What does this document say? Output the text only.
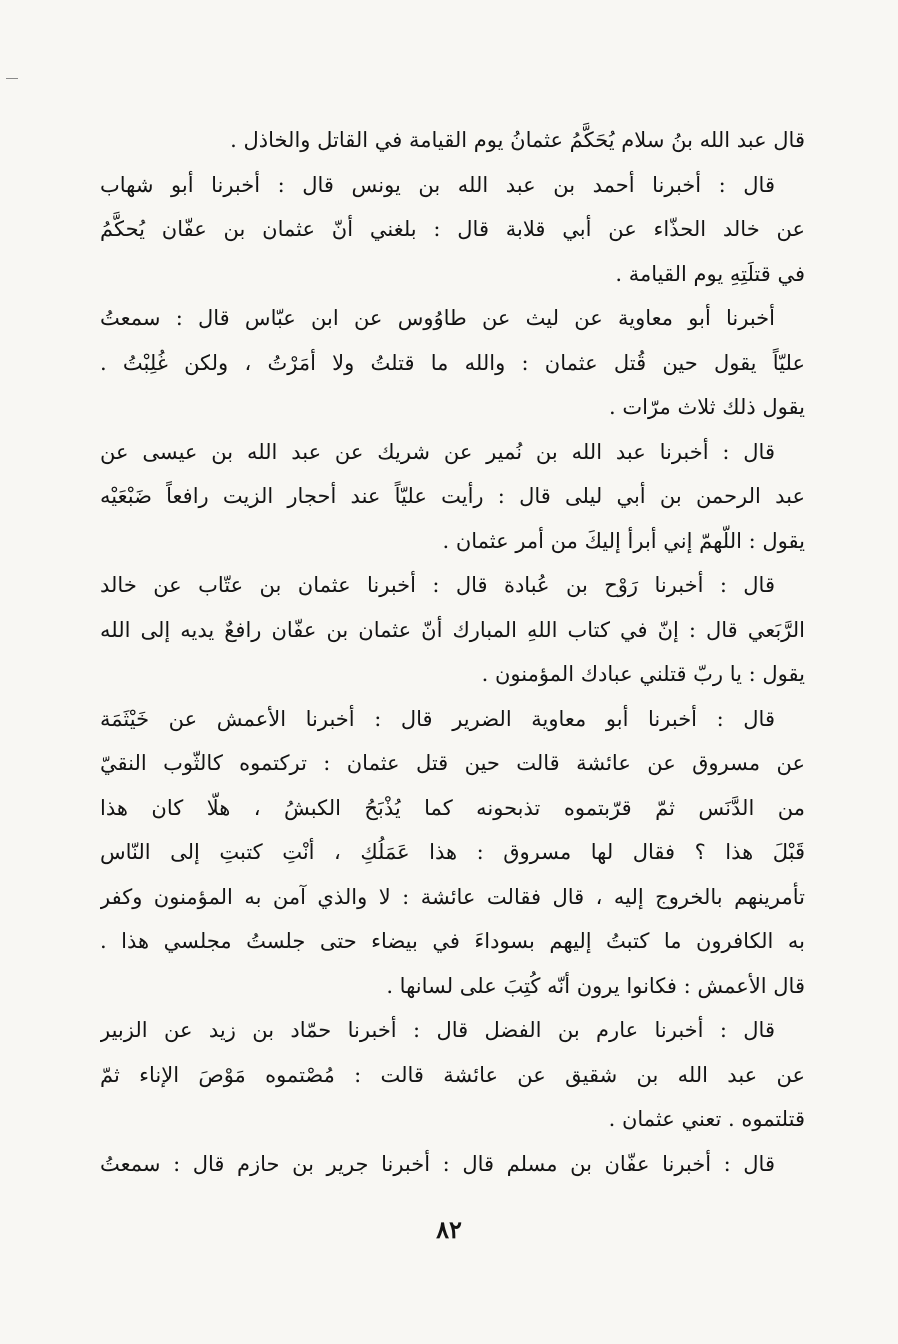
قال عبد الله بنُ سلام يُحَكَّمُ عثمانُ يوم القيامة في القاتل والخاذل .
قال : أخبرنا أحمد بن عبد الله بن يونس قال : أخبرنا أبو شهاب
عن خالد الحذّاء عن أبي قلابة قال : بلغني أنّ عثمان بن عفّان يُحكَّمُ
في قتلَتِهِ يوم القيامة .
أخبرنا أبو معاوية عن ليث عن طاوُوس عن ابن عبّاس قال : سمعتُ
عليّاً يقول حين قُتل عثمان : والله ما قتلتُ ولا أمَرْتُ ، ولكن غُلِبْتُ .
يقول ذلك ثلاث مرّات .
قال : أخبرنا عبد الله بن نُمير عن شريك عن عبد الله بن عيسى عن
عبد الرحمن بن أبي ليلى قال : رأيت عليّاً عند أحجار الزيت رافعاً ضَبْعَيْه
يقول : اللّهمّ إني أبرأ إليكَ من أمر عثمان .
قال : أخبرنا رَوْح بن عُبادة قال : أخبرنا عثمان بن عتّاب عن خالد
الرَّبَعي قال : إنّ في كتاب اللهِ المبارك أنّ عثمان بن عفّان رافعٌ يديه إلى الله
يقول : يا ربّ قتلني عبادك المؤمنون .
قال : أخبرنا أبو معاوية الضرير قال : أخبرنا الأعمش عن خَيْثَمَة
عن مسروق عن عائشة قالت حين قتل عثمان : تركتموه كالثّوب النقيّ
من الدَّنَس ثمّ قرّبتموه تذبحونه كما يُذْبَحُ الكبشُ ، هلّا كان هذا
قَبْلَ هذا ؟ فقال لها مسروق : هذا عَمَلُكِ ، أنْتِ كتبتِ إلى النّاس
تأمرينهم بالخروج إليه ، قال فقالت عائشة : لا والذي آمن به المؤمنون وكفر
به الكافرون ما كتبتُ إليهم بسوداءَ في بيضاء حتى جلستُ مجلسي هذا .
قال الأعمش : فكانوا يرون أنّه كُتِبَ على لسانها .
قال : أخبرنا عارم بن الفضل قال : أخبرنا حمّاد بن زيد عن الزبير
عن عبد الله بن شقيق عن عائشة قالت : مُصْتموه مَوْصَ الإناء ثمّ
قتلتموه . تعني عثمان .
قال : أخبرنا عفّان بن مسلم قال : أخبرنا جرير بن حازم قال : سمعتُ
٨٢
